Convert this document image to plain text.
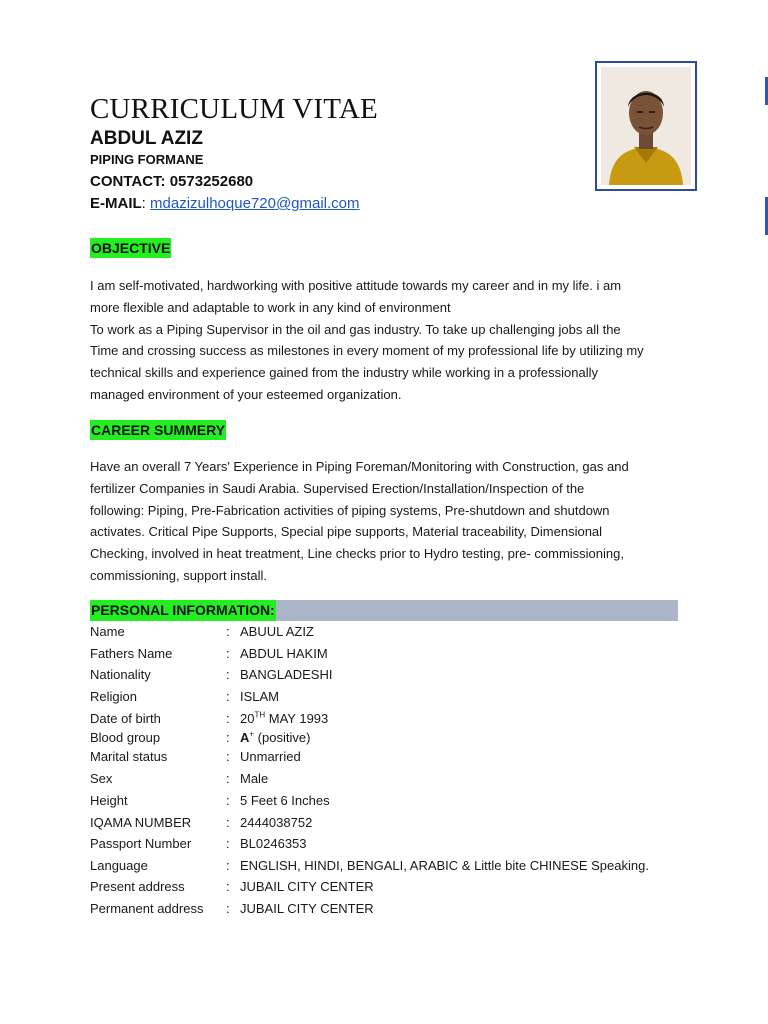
CURRICULUM VITAE
ABDUL AZIZ
PIPING FORMANE
CONTACT: 0573252680
E-MAIL: mdazizulhoque720@gmail.com
OBJECTIVE
I am self-motivated, hardworking with positive attitude towards my career and in my life. i am
more flexible and adaptable to work in any kind of environment
To work as a Piping Supervisor in the oil and gas industry. To take up challenging jobs all the
Time and crossing success as milestones in every moment of my professional life by utilizing my
technical skills and experience gained from the industry while working in a professionally
managed environment of your esteemed organization.
CAREER SUMMERY
Have an overall 7 Years' Experience in Piping Foreman/Monitoring with Construction, gas and
fertilizer Companies in Saudi Arabia. Supervised Erection/Installation/Inspection of the
following: Piping, Pre-Fabrication activities of piping systems, Pre-shutdown and shutdown
activates. Critical Pipe Supports, Special pipe supports, Material traceability, Dimensional
Checking, involved in heat treatment, Line checks prior to Hydro testing, pre- commissioning,
commissioning, support install.
PERSONAL INFORMATION:
Name	: ABUUL AZIZ
Fathers Name	: ABDUL HAKIM
Nationality	: BANGLADESHI
Religion	: ISLAM
Date of birth	: 20TH MAY 1993
Blood group	: A+ (positive)
Marital status	: Unmarried
Sex	: Male
Height	: 5 Feet 6 Inches
IQAMA NUMBER	: 2444038752
Passport Number	: BL0246353
Language	: ENGLISH, HINDI, BENGALI, ARABIC & Little bite CHINESE Speaking.
Present address	: JUBAIL CITY CENTER
Permanent address : JUBAIL CITY CENTER
